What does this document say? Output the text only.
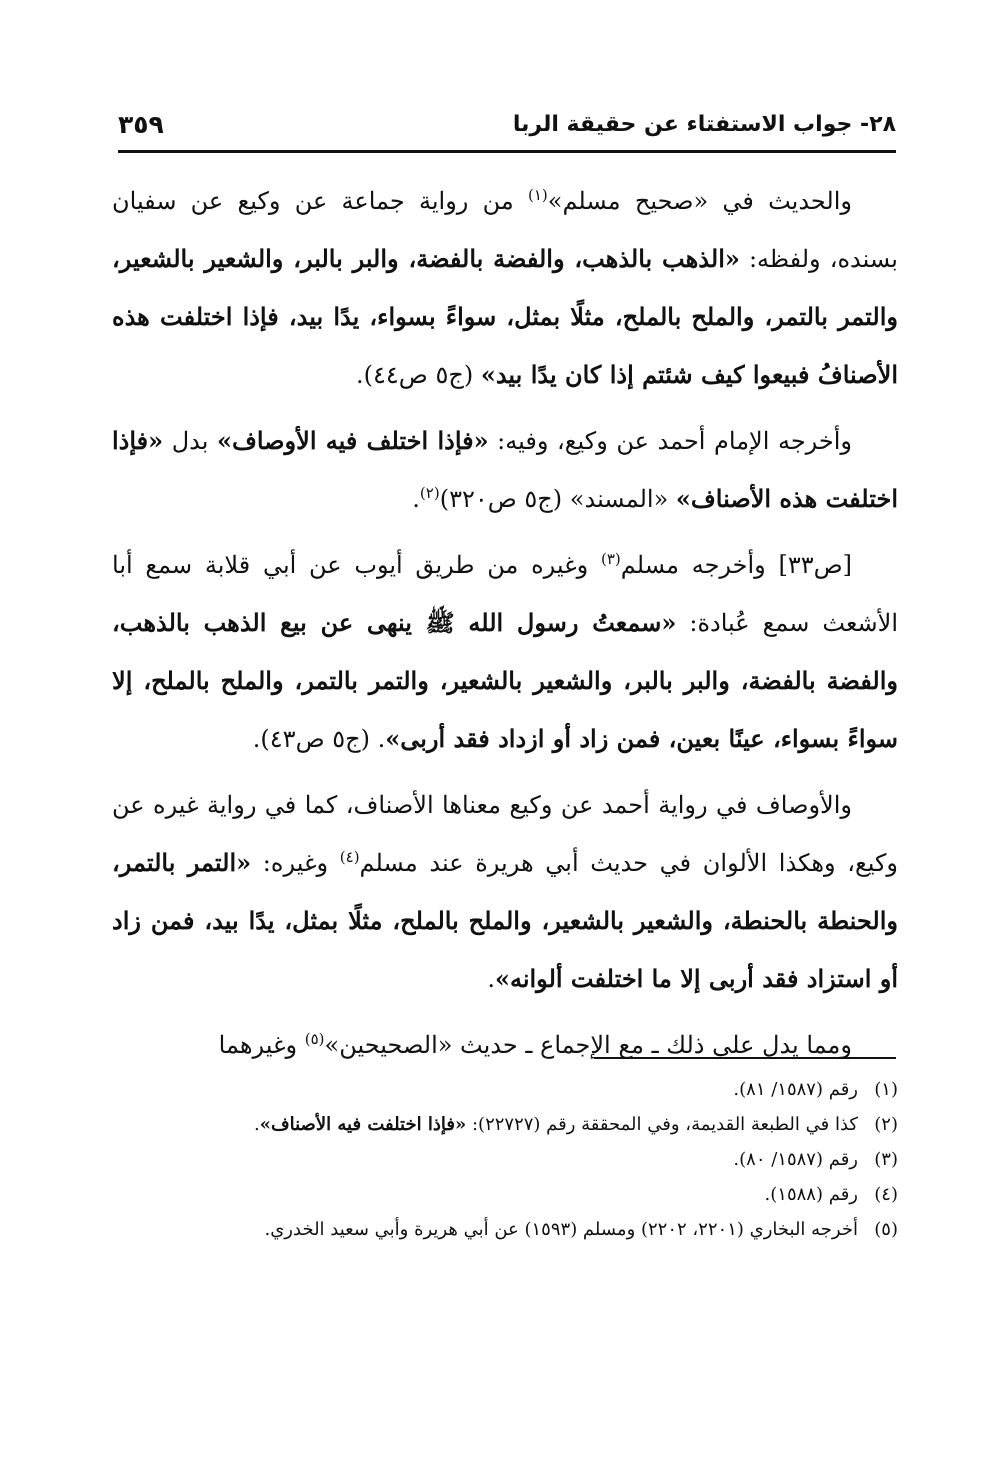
٢٨- جواب الاستفتاء عن حقيقة الربا
٣٥٩

والحديث في «صحيح مسلم»$^{(١)}$ من رواية جماعة عن وكيع عن سفيان بسنده، ولفظه: «الذهب بالذهب، والفضة بالفضة، والبر بالبر، والشعير بالشعير، والتمر بالتمر، والملح بالملح، مثلًا بمثل، سواءً بسواء، يدًا بيد، فإذا اختلفت هذه الأصنافُ فبيعوا كيف شئتم إذا كان يدًا بيد» (ج٥ ص٤٤).

وأخرجه الإمام أحمد عن وكيع، وفيه: «فإذا اختلف فيه الأوصاف» بدل «فإذا اختلفت هذه الأصناف» «المسند» (ج٥ ص٣٢٠)$^{(٢)}$.

[ص٣٣] وأخرجه مسلم$^{(٣)}$ وغيره من طريق أيوب عن أبي قلابة سمع أبا الأشعث سمع عُبادة: «سمعتُ رسول الله ﷺ ينهى عن بيع الذهب بالذهب، والفضة بالفضة، والبر بالبر، والشعير بالشعير، والتمر بالتمر، والملح بالملح، إلا سواءً بسواء، عينًا بعين، فمن زاد أو ازداد فقد أربى». (ج٥ ص٤٣).

والأوصاف في رواية أحمد عن وكيع معناها الأصناف، كما في رواية غيره عن وكيع، وهكذا الألوان في حديث أبي هريرة عند مسلم$^{(٤)}$ وغيره: «التمر بالتمر، والحنطة بالحنطة، والشعير بالشعير، والملح بالملح، مثلًا بمثل، يدًا بيد، فمن زاد أو استزاد فقد أربى إلا ما اختلفت ألوانه».

ومما يدل على ذلك ـ مع الإجماع ـ حديث «الصحيحين»$^{(٥)}$ وغيرهما

(١)
رقم (١٥٨٧/ ٨١).
(٢)
كذا في الطبعة القديمة، وفي المحققة رقم (٢٢٧٢٧): «فإذا اختلفت فيه الأصناف».
(٣)
رقم (١٥٨٧/ ٨٠).
(٤)
رقم (١٥٨٨).
(٥)
أخرجه البخاري (٢٢٠١، ٢٢٠٢) ومسلم (١٥٩٣) عن أبي هريرة وأبي سعيد الخدري.
